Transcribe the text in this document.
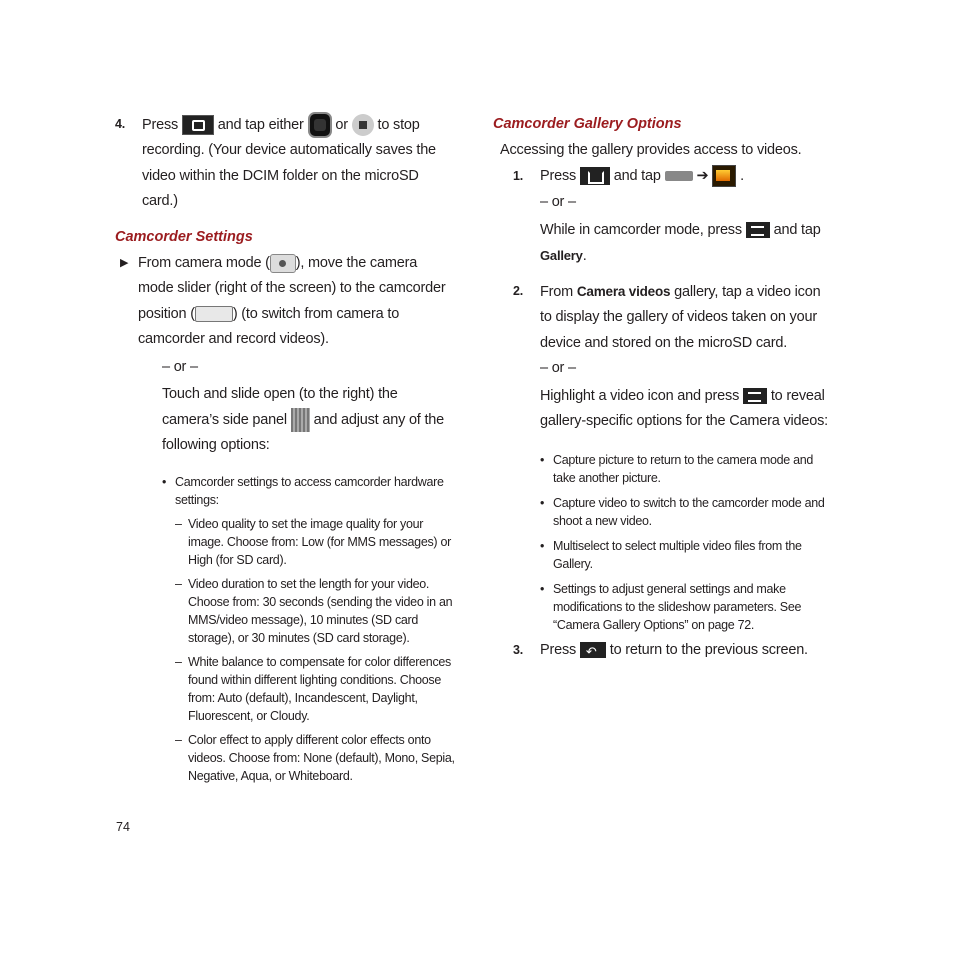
4. Press	and tap either or to stop recording. (Your device automatically saves the video within the DCIM folder on the microSD card.)
Camcorder Settings
▶ From camera mode ( ), move the camera mode slider (right of the screen) to the camcorder position (	) (to switch from camera to camcorder and record videos).
– or –
Touch and slide open (to the right) the camera’s side panel and adjust any of the following options:
• Camcorder settings to access camcorder hardware settings:
– Video quality to set the image quality for your image. Choose from: Low (for MMS messages) or High (for SD card).
– Video duration to set the length for your video. Choose from: 30 seconds (sending the video in an MMS/video message), 10 minutes (SD card storage), or 30 minutes (SD card storage).
– White balance to compensate for color differences found within different lighting conditions. Choose from: Auto (default), Incandescent, Daylight, Fluorescent, or Cloudy.
– Color effect to apply different color effects onto videos. Choose from: None (default), Mono, Sepia, Negative, Aqua, or Whiteboard.
Camcorder Gallery Options
Accessing the gallery provides access to videos.
1. Press	and tap ➔ .
– or –
While in camcorder mode, press and tap Gallery.
2. From Camera videos gallery, tap a video icon to display the gallery of videos taken on your device and stored on the microSD card.
– or –
Highlight a video icon and press to reveal gallery-specific options for the Camera videos:
• Capture picture to return to the camera mode and take another picture.
• Capture video to switch to the camcorder mode and shoot a new video.
• Multiselect to select multiple video files from the Gallery.
• Settings to adjust general settings and make modifications to the slideshow parameters. See “Camera Gallery Options” on page 72.
3. Press ↶ to return to the previous screen.
74
